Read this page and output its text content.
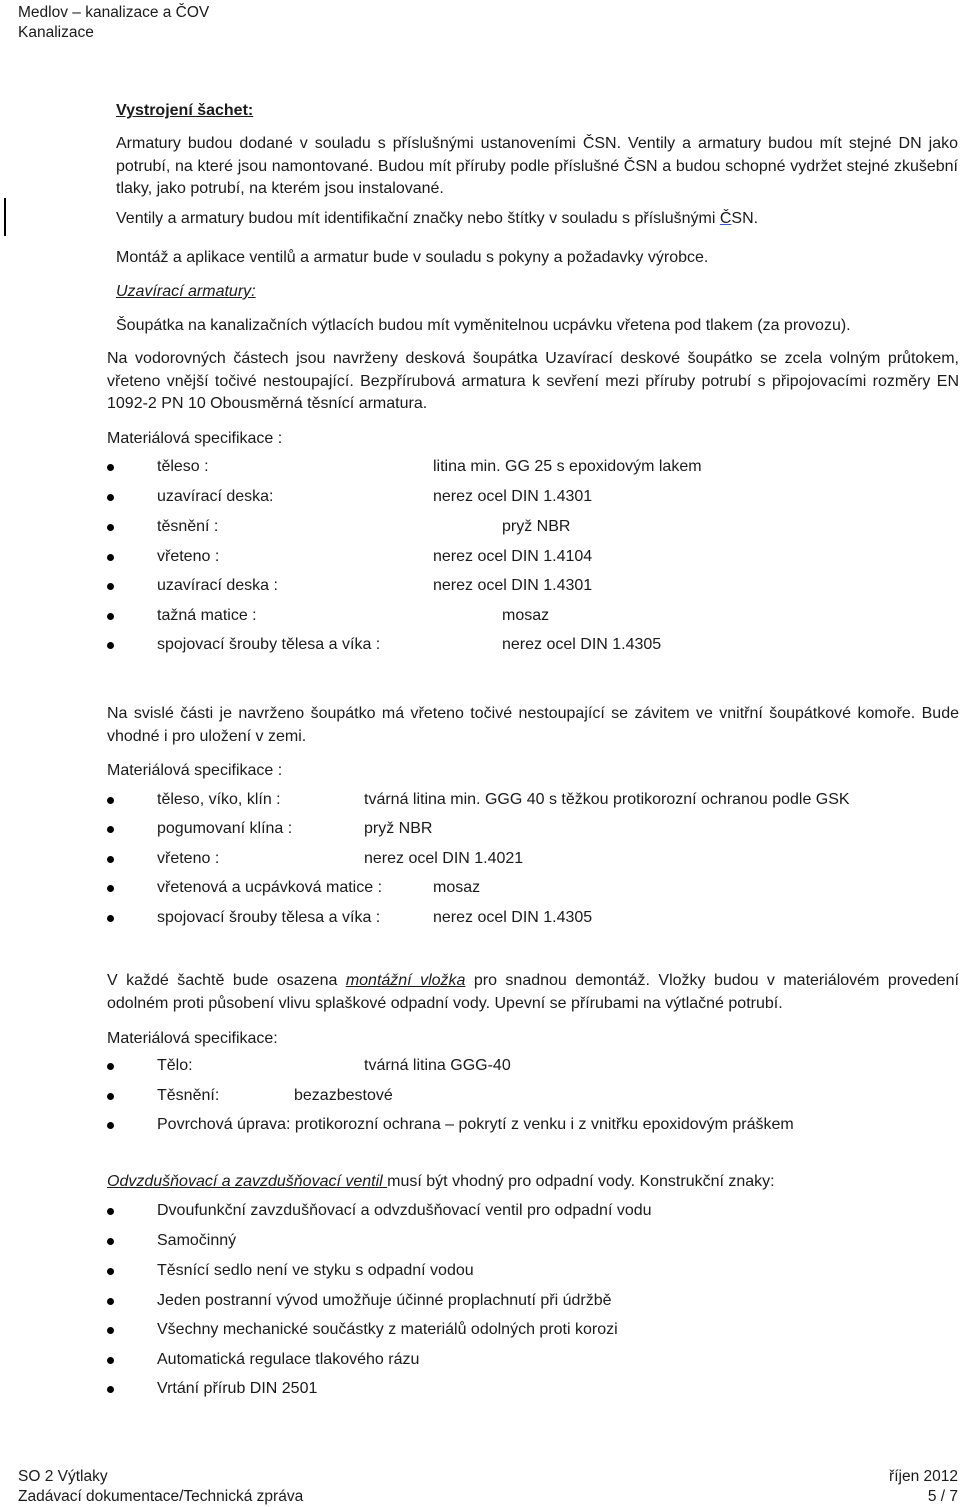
Medlov – kanalizace a ČOV
Kanalizace
Vystrojení šachet:

Armatury budou dodané v souladu s příslušnými ustanoveními ČSN. Ventily a armatury budou mít stejné DN jako potrubí, na které jsou namontované. Budou mít příruby podle příslušné ČSN a budou schopné vydržet stejné zkušební tlaky, jako potrubí, na kterém jsou instalované.

Ventily a armatury budou mít identifikační značky nebo štítky v souladu s příslušnými ČSN.

Montáž a aplikace ventilů a armatur bude v souladu s pokyny a požadavky výrobce.

Uzavírací armatury:

Šoupátka na kanalizačních výtlacích budou mít vyměnitelnou ucpávku vřetena pod tlakem (za provozu).

Na vodorovných částech jsou navrženy desková šoupátka Uzavírací deskové šoupátko se zcela volným průtokem, vřeteno vnější točivé nestoupající. Bezpřírubová armatura k sevření mezi příruby potrubí s připojovacími rozměry EN 1092-2 PN 10 Obousměrná těsnící armatura.

Materiálová specifikace :
těleso :	litina min. GG 25 s epoxidovým lakem
uzavírací deska:	nerez ocel DIN 1.4301
těsnění :	pryž NBR
vřeteno :	nerez ocel DIN 1.4104
uzavírací deska :	nerez ocel DIN 1.4301
tažná matice :	mosaz
spojovací šrouby tělesa a víka :	nerez ocel DIN 1.4305

Na svislé části je navrženo šoupátko má vřeteno točivé nestoupající se závitem ve vnitřní šoupátkové komoře. Bude vhodné i pro uložení v zemi.

Materiálová specifikace :
těleso, víko, klín :	tvárná litina min. GGG 40 s těžkou protikorozní ochranou podle GSK
pogumovaní klína :	pryž NBR
vřeteno :	nerez ocel DIN 1.4021
vřetenová a ucpávková matice :	mosaz
spojovací šrouby tělesa a víka :	nerez ocel DIN 1.4305

V každé šachtě bude osazena montážní vložka pro snadnou demontáž. Vložky budou v materiálovém provedení odolném proti působení vlivu splaškové odpadní vody. Upevní se přírubami na výtlačné potrubí.

Materiálová specifikace:
Tělo:	tvárná litina GGG-40
Těsnění:	bezazbestové
Povrchová úprava: protikorozní ochrana – pokrytí z venku i z vnitřku epoxidovým práškem

Odvzdušňovací a zavzdušňovací ventil musí být vhodný pro odpadní vody. Konstrukční znaky:

Dvoufunkční zavzdušňovací a odvzdušňovací ventil pro odpadní vodu
Samočinný
Těsnící sedlo není ve styku s odpadní vodou
Jeden postranní vývod umožňuje účinné proplachnutí při údržbě
Všechny mechanické součástky z materiálů odolných proti korozi
Automatická regulace tlakového rázu
Vrtání přírub DIN 2501
SO 2 Výtlaky
Zadávací dokumentace/Technická zpráva
říjen 2012
5 / 7
